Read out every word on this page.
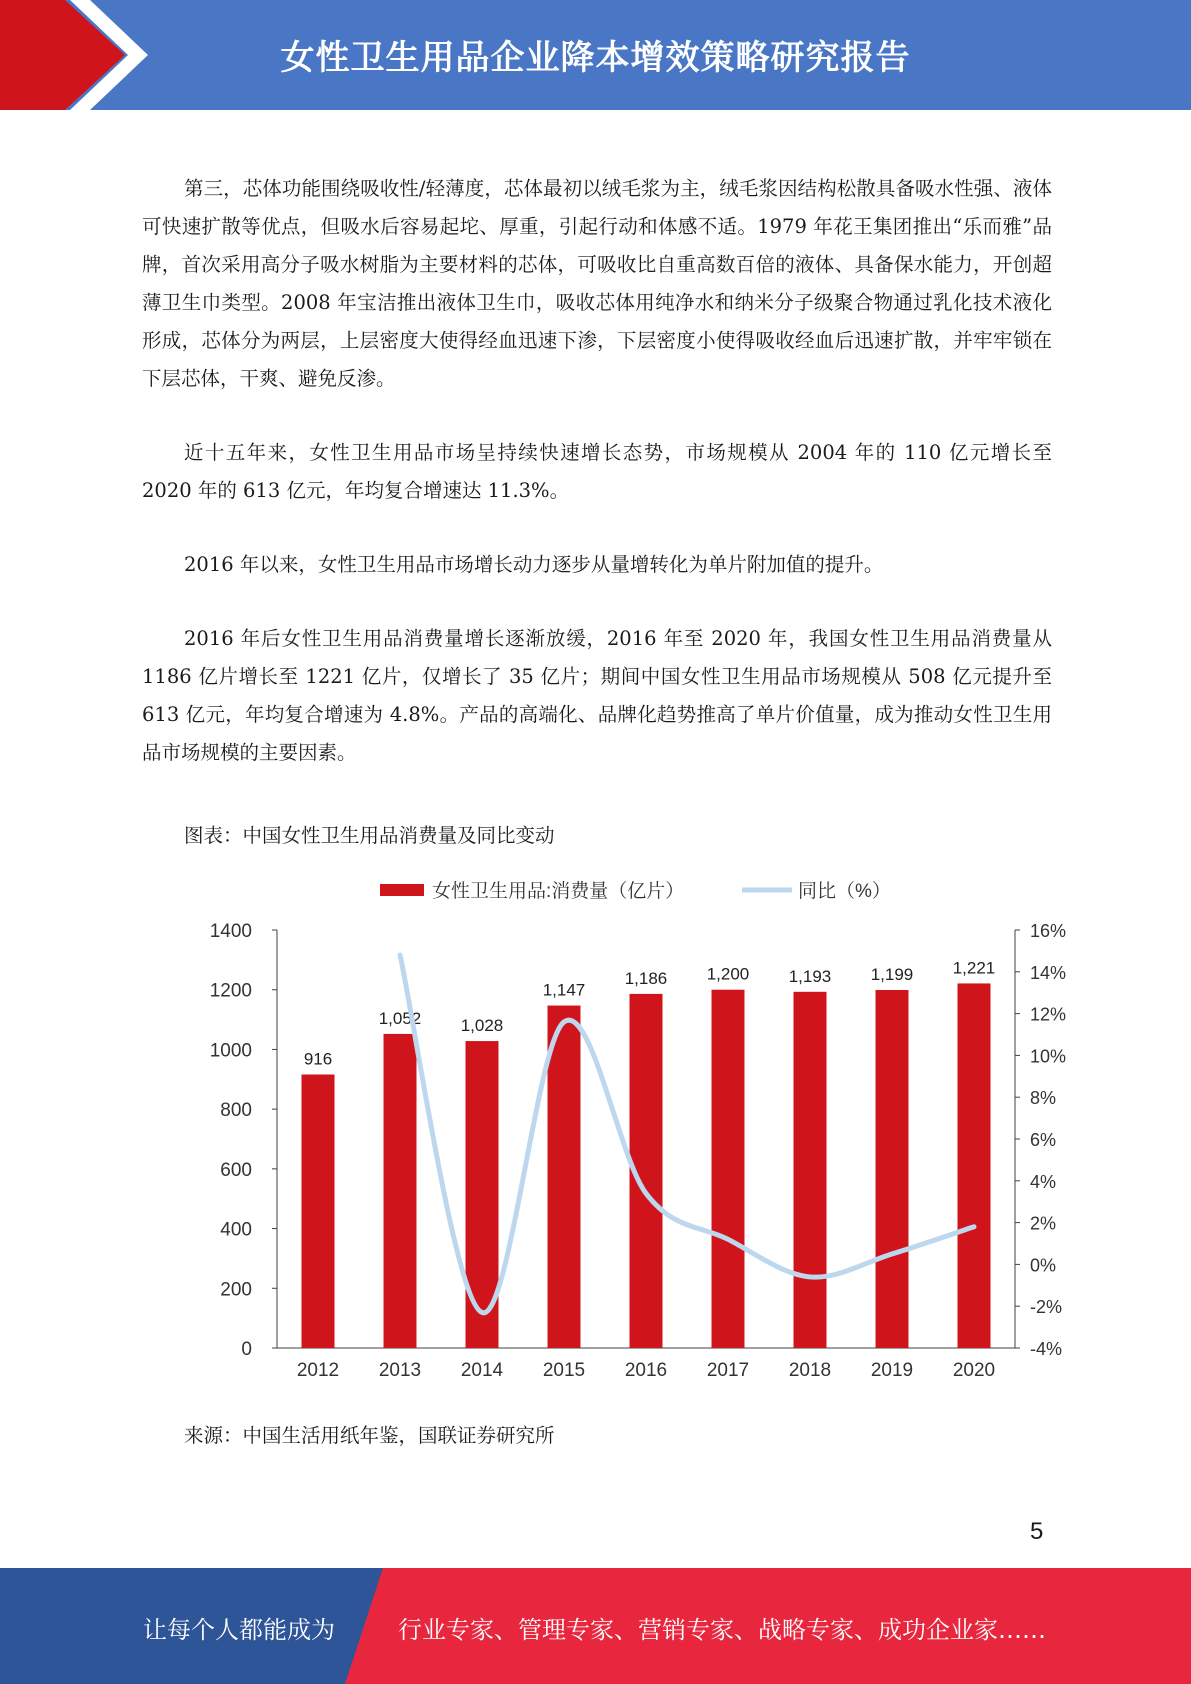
女性卫生用品企业降本增效策略研究报告

第三，芯体功能围绕吸收性/轻薄度，芯体最初以绒毛浆为主，绒毛浆因结构松散具备吸水性强、液体可快速扩散等优点，但吸水后容易起坨、厚重，引起行动和体感不适。1979 年花王集团推出“乐而雅”品牌，首次采用高分子吸水树脂为主要材料的芯体，可吸收比自重高数百倍的液体、具备保水能力，开创超薄卫生巾类型。2008 年宝洁推出液体卫生巾，吸收芯体用纯净水和纳米分子级聚合物通过乳化技术液化形成，芯体分为两层，上层密度大使得经血迅速下渗，下层密度小使得吸收经血后迅速扩散，并牢牢锁在下层芯体，干爽、避免反渗。

近十五年来，女性卫生用品市场呈持续快速增长态势，市场规模从 2004 年的 110 亿元增长至 2020 年的 613 亿元，年均复合增速达 11.3%。

2016 年以来，女性卫生用品市场增长动力逐步从量增转化为单片附加值的提升。

2016 年后女性卫生用品消费量增长逐渐放缓，2016 年至 2020 年，我国女性卫生用品消费量从 1186 亿片增长至 1221 亿片，仅增长了 35 亿片；期间中国女性卫生用品市场规模从 508 亿元提升至 613 亿元，年均复合增速为 4.8%。产品的高端化、品牌化趋势推高了单片价值量，成为推动女性卫生用品市场规模的主要因素。

图表：中国女性卫生用品消费量及同比变动
女性卫生用品:消费量（亿片）	同比（%）
1400
1200
1000
800
600
400
200
0
16%
14%
12%
10%
8%
6%
4%
2%
0%
-2%
-4%
2012 2013 2014 2015 2016 2017 2018 2019 2020
916
1,052 1,028
1,147
1,186 1,200 1,193 1,199 1,221
来源：中国生活用纸年鉴，国联证券研究所
5
让每个人都能成为	行业专家、管理专家、营销专家、战略专家、成功企业家……
